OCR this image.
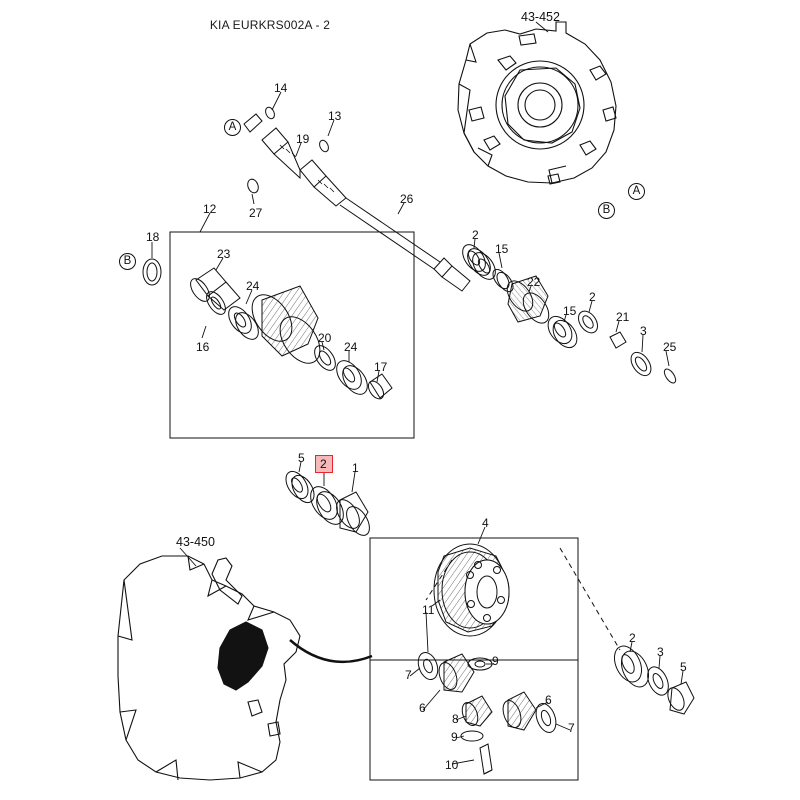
KIA EURKRS002A - 2
43-452
43-450
A
A
B
B
14
13
19
27
26
12
18
23
24
16
20
24
17
2
15
22
15
2
21
3
25
5
1
4
11
7
9
6
8
9
6
7
10
2
3
5
2
